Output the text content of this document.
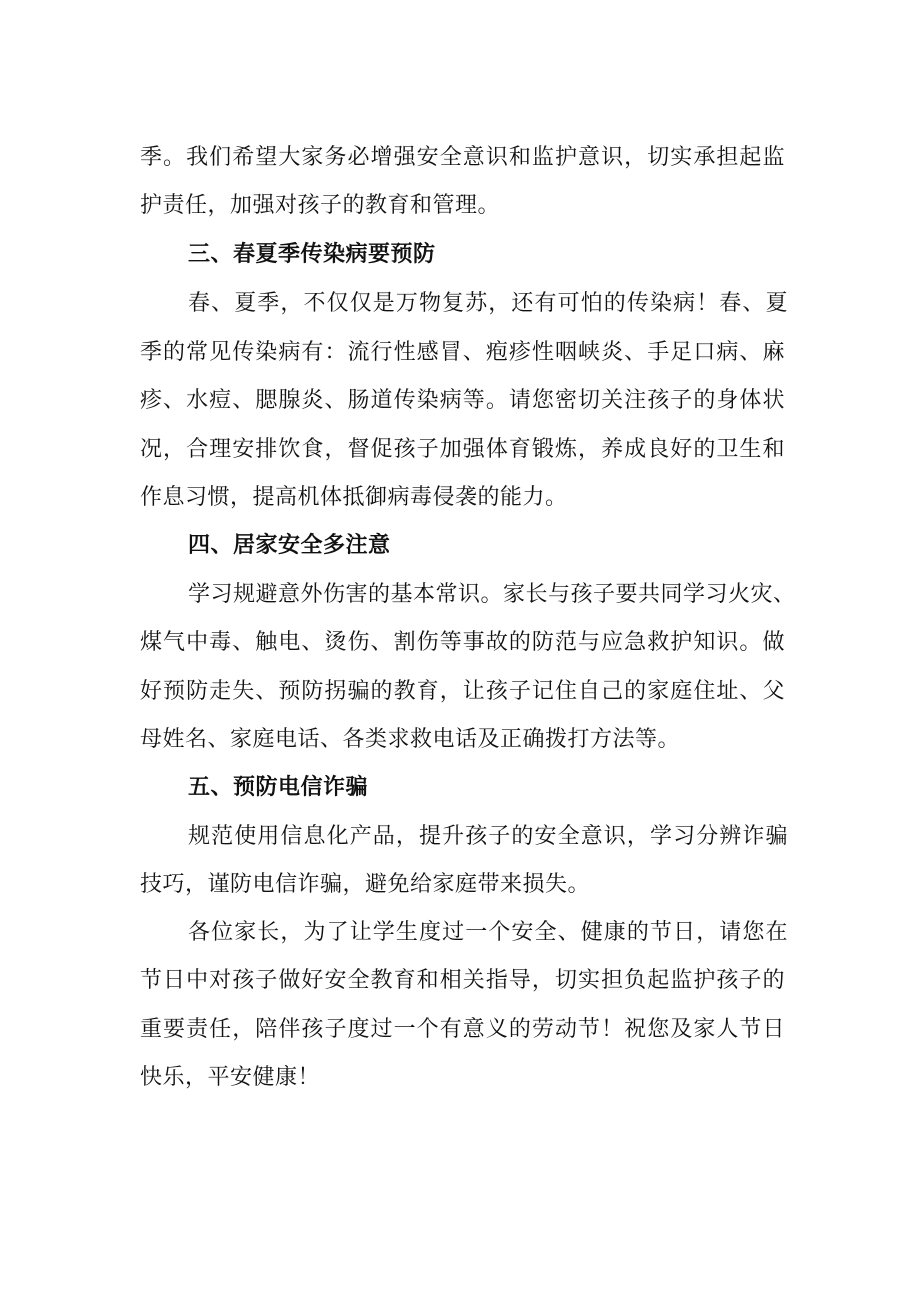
季。我们希望大家务必增强安全意识和监护意识，切实承担起监
护责任，加强对孩子的教育和管理。
三、春夏季传染病要预防
春、夏季，不仅仅是万物复苏，还有可怕的传染病！春、夏
季的常见传染病有：流行性感冒、疱疹性咽峡炎、手足口病、麻
疹、水痘、腮腺炎、肠道传染病等。请您密切关注孩子的身体状
况，合理安排饮食，督促孩子加强体育锻炼，养成良好的卫生和
作息习惯，提高机体抵御病毒侵袭的能力。
四、居家安全多注意
学习规避意外伤害的基本常识。家长与孩子要共同学习火灾、
煤气中毒、触电、烫伤、割伤等事故的防范与应急救护知识。做
好预防走失、预防拐骗的教育，让孩子记住自己的家庭住址、父
母姓名、家庭电话、各类求救电话及正确拨打方法等。
五、预防电信诈骗
规范使用信息化产品，提升孩子的安全意识，学习分辨诈骗
技巧，谨防电信诈骗，避免给家庭带来损失。
各位家长，为了让学生度过一个安全、健康的节日，请您在
节日中对孩子做好安全教育和相关指导，切实担负起监护孩子的
重要责任，陪伴孩子度过一个有意义的劳动节！祝您及家人节日
快乐，平安健康！
